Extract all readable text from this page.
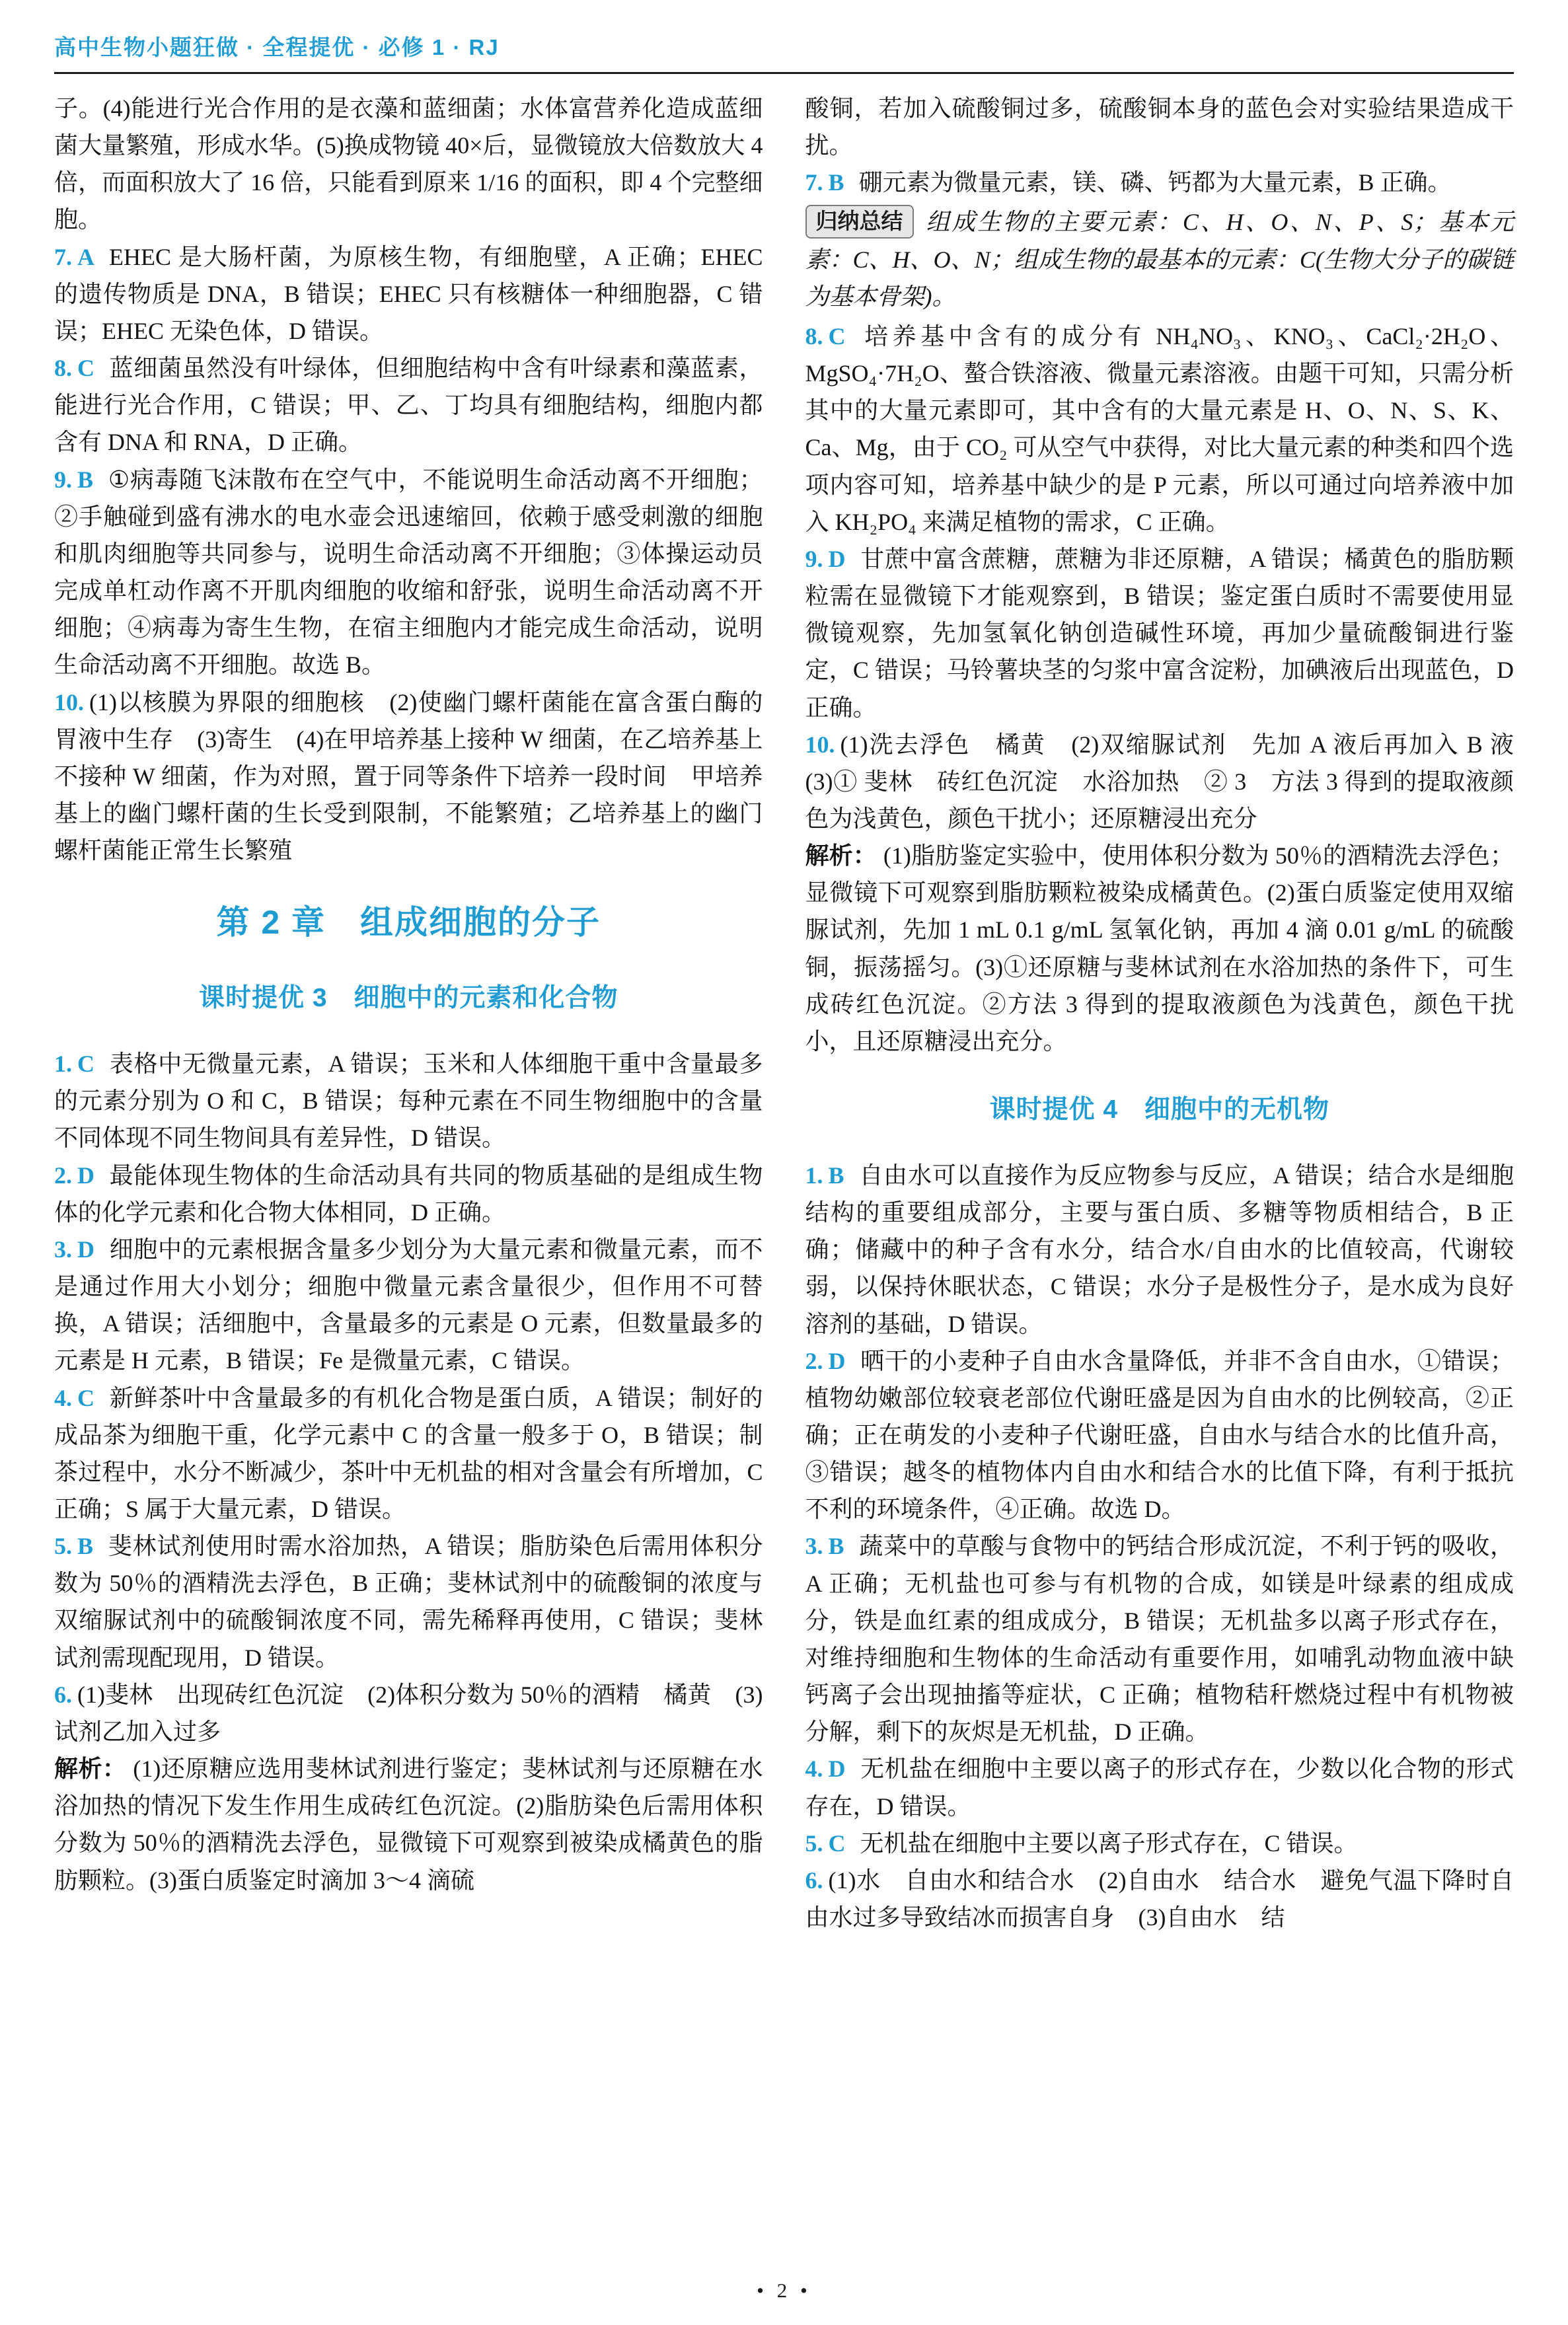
高中生物小题狂做 · 全程提优 · 必修 1 · RJ

子。(4)能进行光合作用的是衣藻和蓝细菌；水体富营养化造成蓝细菌大量繁殖，形成水华。(5)换成物镜 40×后，显微镜放大倍数放大 4 倍，而面积放大了 16 倍，只能看到原来 1/16 的面积，即 4 个完整细胞。

7. A EHEC 是大肠杆菌，为原核生物，有细胞壁，A 正确；EHEC 的遗传物质是 DNA，B 错误；EHEC 只有核糖体一种细胞器，C 错误；EHEC 无染色体，D 错误。

8. C 蓝细菌虽然没有叶绿体，但细胞结构中含有叶绿素和藻蓝素，能进行光合作用，C 错误；甲、乙、丁均具有细胞结构，细胞内都含有 DNA 和 RNA，D 正确。

9. B ①病毒随飞沫散布在空气中，不能说明生命活动离不开细胞；②手触碰到盛有沸水的电水壶会迅速缩回，依赖于感受刺激的细胞和肌肉细胞等共同参与，说明生命活动离不开细胞；③体操运动员完成单杠动作离不开肌肉细胞的收缩和舒张，说明生命活动离不开细胞；④病毒为寄生生物，在宿主细胞内才能完成生命活动，说明生命活动离不开细胞。故选 B。

10. (1)以核膜为界限的细胞核　(2)使幽门螺杆菌能在富含蛋白酶的胃液中生存　(3)寄生　(4)在甲培养基上接种 W 细菌，在乙培养基上不接种 W 细菌，作为对照，置于同等条件下培养一段时间　甲培养基上的幽门螺杆菌的生长受到限制，不能繁殖；乙培养基上的幽门螺杆菌能正常生长繁殖

第 2 章　组成细胞的分子
课时提优 3　细胞中的元素和化合物

1. C 表格中无微量元素，A 错误；玉米和人体细胞干重中含量最多的元素分别为 O 和 C，B 错误；每种元素在不同生物细胞中的含量不同体现不同生物间具有差异性，D 错误。

2. D 最能体现生物体的生命活动具有共同的物质基础的是组成生物体的化学元素和化合物大体相同，D 正确。

3. D 细胞中的元素根据含量多少划分为大量元素和微量元素，而不是通过作用大小划分；细胞中微量元素含量很少，但作用不可替换，A 错误；活细胞中，含量最多的元素是 O 元素，但数量最多的元素是 H 元素，B 错误；Fe 是微量元素，C 错误。

4. C 新鲜茶叶中含量最多的有机化合物是蛋白质，A 错误；制好的成品茶为细胞干重，化学元素中 C 的含量一般多于 O，B 错误；制茶过程中，水分不断减少，茶叶中无机盐的相对含量会有所增加，C 正确；S 属于大量元素，D 错误。

5. B 斐林试剂使用时需水浴加热，A 错误；脂肪染色后需用体积分数为 50％的酒精洗去浮色，B 正确；斐林试剂中的硫酸铜的浓度与双缩脲试剂中的硫酸铜浓度不同，需先稀释再使用，C 错误；斐林试剂需现配现用，D 错误。

6. (1)斐林　出现砖红色沉淀　(2)体积分数为 50％的酒精　橘黄　(3)试剂乙加入过多

解析： (1)还原糖应选用斐林试剂进行鉴定；斐林试剂与还原糖在水浴加热的情况下发生作用生成砖红色沉淀。(2)脂肪染色后需用体积分数为 50％的酒精洗去浮色，显微镜下可观察到被染成橘黄色的脂肪颗粒。(3)蛋白质鉴定时滴加 3～4 滴硫

酸铜，若加入硫酸铜过多，硫酸铜本身的蓝色会对实验结果造成干扰。

7. B 硼元素为微量元素，镁、磷、钙都为大量元素，B 正确。

归纳总结 组成生物的主要元素：C、H、O、N、P、S；基本元素：C、H、O、N；组成生物的最基本的元素：C(生物大分子的碳链为基本骨架)。

8. C 培养基中含有的成分有 NH₄NO₃、KNO₃、CaCl₂·2H₂O、MgSO₄·7H₂O、螯合铁溶液、微量元素溶液。由题干可知，只需分析其中的大量元素即可，其中含有的大量元素是 H、O、N、S、K、Ca、Mg，由于 CO₂ 可从空气中获得，对比大量元素的种类和四个选项内容可知，培养基中缺少的是 P 元素，所以可通过向培养液中加入 KH₂PO₄ 来满足植物的需求，C 正确。

9. D 甘蔗中富含蔗糖，蔗糖为非还原糖，A 错误；橘黄色的脂肪颗粒需在显微镜下才能观察到，B 错误；鉴定蛋白质时不需要使用显微镜观察，先加氢氧化钠创造碱性环境，再加少量硫酸铜进行鉴定，C 错误；马铃薯块茎的匀浆中富含淀粉，加碘液后出现蓝色，D 正确。

10. (1)洗去浮色　橘黄　(2)双缩脲试剂　先加 A 液后再加入 B 液　(3)① 斐林　砖红色沉淀　水浴加热　② 3　方法 3 得到的提取液颜色为浅黄色，颜色干扰小；还原糖浸出充分

解析： (1)脂肪鉴定实验中，使用体积分数为 50％的酒精洗去浮色；显微镜下可观察到脂肪颗粒被染成橘黄色。(2)蛋白质鉴定使用双缩脲试剂，先加 1 mL 0.1 g/mL 氢氧化钠，再加 4 滴 0.01 g/mL 的硫酸铜，振荡摇匀。(3)①还原糖与斐林试剂在水浴加热的条件下，可生成砖红色沉淀。②方法 3 得到的提取液颜色为浅黄色，颜色干扰小，且还原糖浸出充分。

课时提优 4　细胞中的无机物

1. B 自由水可以直接作为反应物参与反应，A 错误；结合水是细胞结构的重要组成部分，主要与蛋白质、多糖等物质相结合，B 正确；储藏中的种子含有水分，结合水/自由水的比值较高，代谢较弱，以保持休眠状态，C 错误；水分子是极性分子，是水成为良好溶剂的基础，D 错误。

2. D 晒干的小麦种子自由水含量降低，并非不含自由水，①错误；植物幼嫩部位较衰老部位代谢旺盛是因为自由水的比例较高，②正确；正在萌发的小麦种子代谢旺盛，自由水与结合水的比值升高，③错误；越冬的植物体内自由水和结合水的比值下降，有利于抵抗不利的环境条件，④正确。故选 D。

3. B 蔬菜中的草酸与食物中的钙结合形成沉淀，不利于钙的吸收，A 正确；无机盐也可参与有机物的合成，如镁是叶绿素的组成成分，铁是血红素的组成成分，B 错误；无机盐多以离子形式存在，对维持细胞和生物体的生命活动有重要作用，如哺乳动物血液中缺钙离子会出现抽搐等症状，C 正确；植物秸秆燃烧过程中有机物被分解，剩下的灰烬是无机盐，D 正确。

4. D 无机盐在细胞中主要以离子的形式存在，少数以化合物的形式存在，D 错误。

5. C 无机盐在细胞中主要以离子形式存在，C 错误。

6. (1)水　自由水和结合水　(2)自由水　结合水　避免气温下降时自由水过多导致结冰而损害自身　(3)自由水　结

• 2 •
